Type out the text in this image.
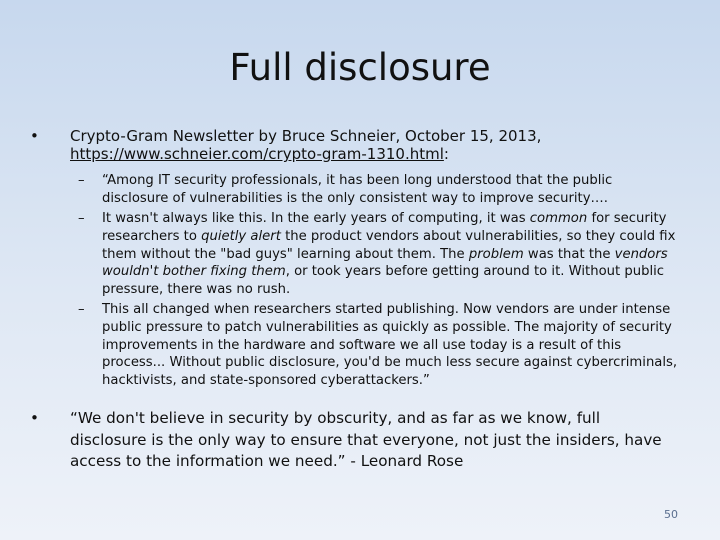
Full disclosure
• Crypto-Gram Newsletter by Bruce Schneier, October 15, 2013, https://www.schneier.com/crypto-gram-1310.html:
– “Among IT security professionals, it has been long understood that the public disclosure of vulnerabilities is the only consistent way to improve security….
– It wasn't always like this. In the early years of computing, it was common for security researchers to quietly alert the product vendors about vulnerabilities, so they could fix them without the "bad guys" learning about them. The problem was that the vendors wouldn't bother fixing them, or took years before getting around to it. Without public pressure, there was no rush.
– This all changed when researchers started publishing. Now vendors are under intense public pressure to patch vulnerabilities as quickly as possible. The majority of security improvements in the hardware and software we all use today is a result of this process... Without public disclosure, you'd be much less secure against cybercriminals, hacktivists, and state-sponsored cyberattackers.”
• “We don't believe in security by obscurity, and as far as we know, full disclosure is the only way to ensure that everyone, not just the insiders, have access to the information we need.” - Leonard Rose
50
